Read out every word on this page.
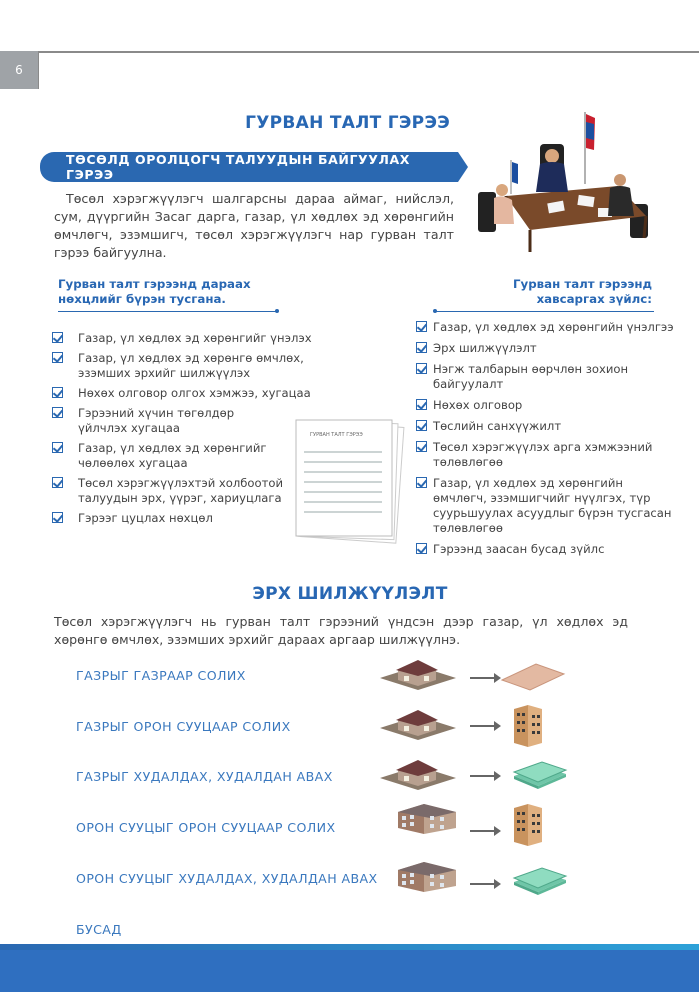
6
ГУРВАН ТАЛТ ГЭРЭЭ
ТӨСӨЛД ОРОЛЦОГЧ ТАЛУУДЫН БАЙГУУЛАХ ГЭРЭЭ

Төсөл хэрэгжүүлэгч шалгарсны дараа аймаг, нийслэл, сум, дүүргийн Засаг дарга, газар, үл хөдлөх эд хөрөнгийн өмчлөгч, эзэмшигч, төсөл хэрэгжүүлэгч нар гурван талт гэрээ байгуулна.

Гурван талт гэрээнд дараах нөхцлийг бүрэн тусгана.
Газар, үл хөдлөх эд хөрөнгийг үнэлэх
Газар, үл хөдлөх эд хөрөнгө өмчлөх, эзэмших эрхийг шилжүүлэх
Нөхөх олговор олгох хэмжээ, хугацаа
Гэрээний хүчин төгөлдөр үйлчлэх хугацаа
Газар, үл хөдлөх эд хөрөнгийг чөлөөлөх хугацаа
Төсөл хэрэгжүүлэхтэй холбоотой талуудын эрх, үүрэг, хариуцлага
Гэрээг цуцлах нөхцөл
ГУРВАН ТАЛТ ГЭРЭЭ
Гурван талт гэрээнд хавсаргах зүйлс:
Газар, үл хөдлөх эд хөрөнгийн үнэлгээ
Эрх шилжүүлэлт
Нэгж талбарын өөрчлөн зохион байгуулалт
Нөхөх олговор
Төслийн санхүүжилт
Төсөл хэрэгжүүлэх арга хэмжээний төлөвлөгөө
Газар, үл хөдлөх эд хөрөнгийн өмчлөгч, эзэмшигчийг нүүлгэх, түр суурьшуулах асуудлыг бүрэн тусгасан төлөвлөгөө
Гэрээнд заасан бусад зүйлс
ЭРХ ШИЛЖҮҮЛЭЛТ

Төсөл хэрэгжүүлэгч нь гурван талт гэрээний үндсэн дээр газар, үл хөдлөх эд хөрөнгө өмчлөх, эзэмших эрхийг дараах аргаар шилжүүлнэ.

ГАЗРЫГ ГАЗРААР СОЛИХ
ГАЗРЫГ ОРОН СУУЦААР СОЛИХ
ГАЗРЫГ ХУДАЛДАХ, ХУДАЛДАН АВАХ
ОРОН СУУЦЫГ ОРОН СУУЦААР СОЛИХ
ОРОН СУУЦЫГ ХУДАЛДАХ, ХУДАЛДАН АВАХ
БУСАД
